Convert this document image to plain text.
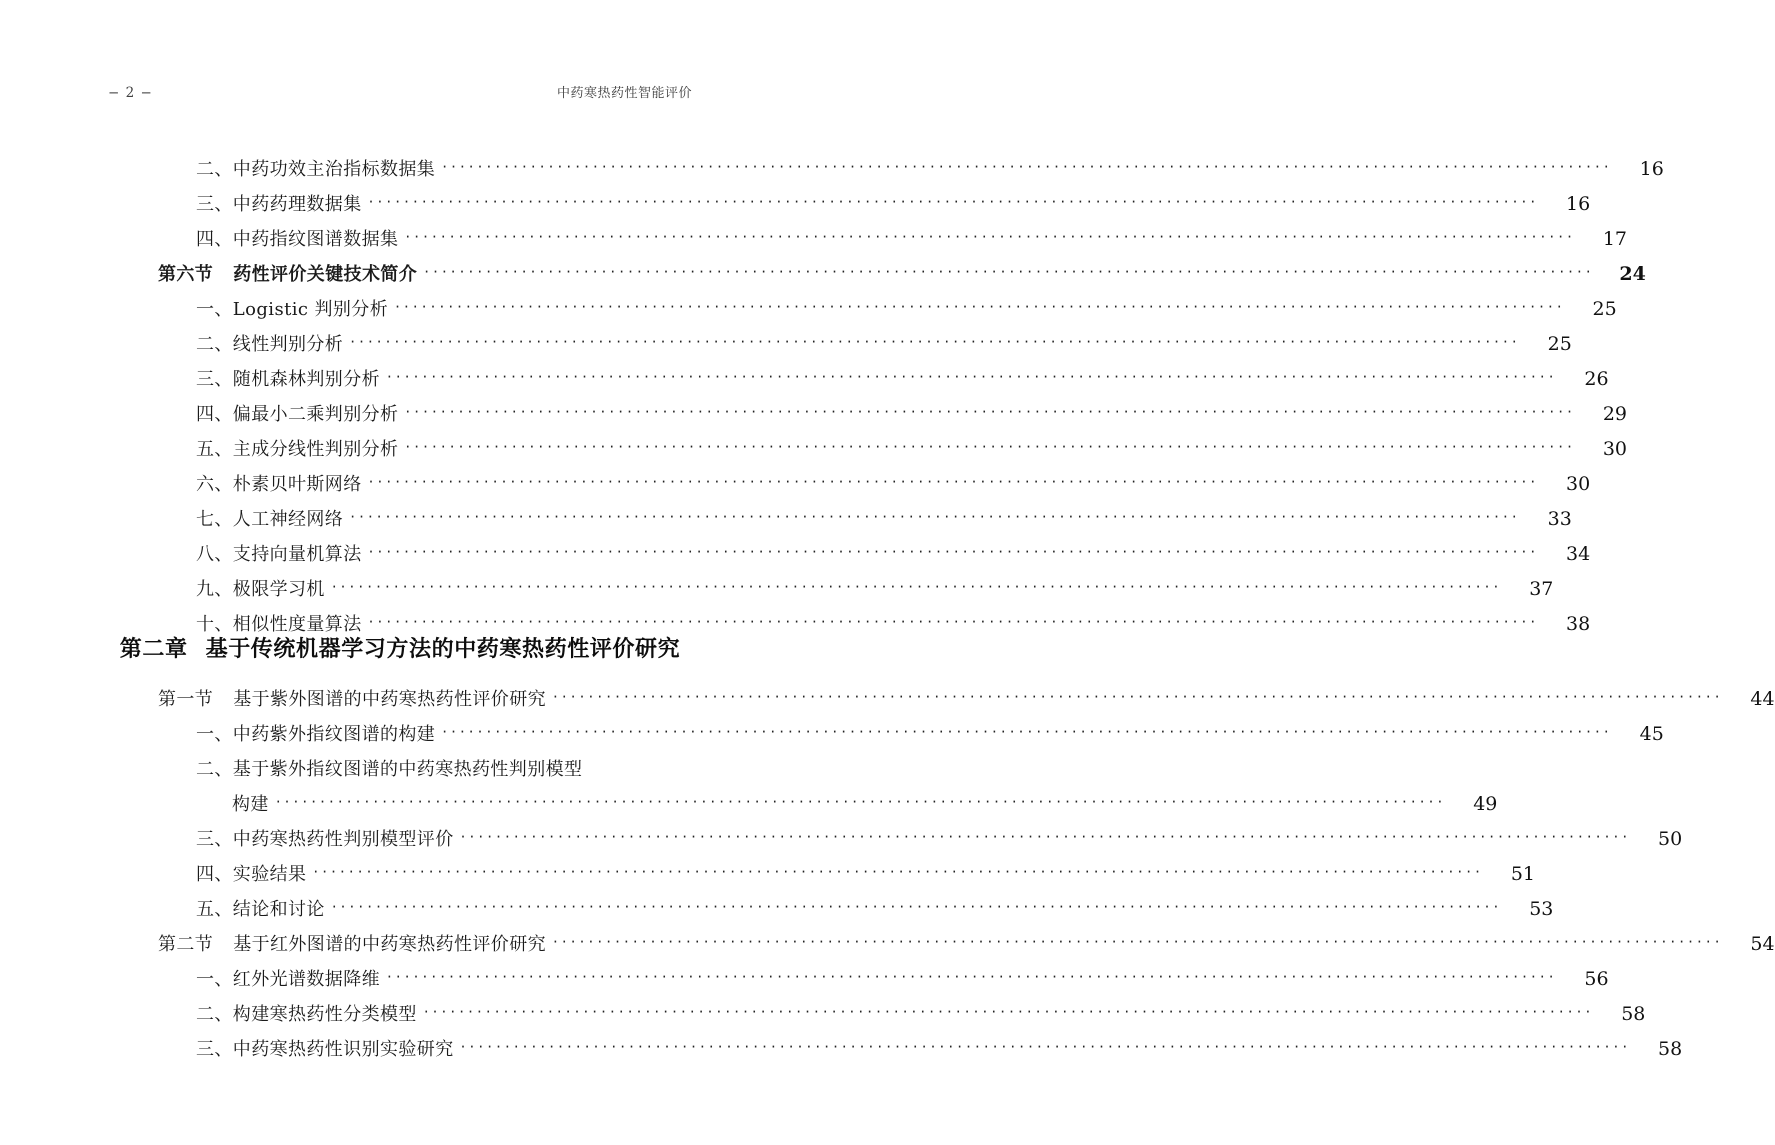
− 2 −	中药寒热药性智能评价
二、中药功效主治指标数据集 ·····	16
三、中药药理数据集 ·····	16
四、中药指纹图谱数据集 ·····	17
第六节 药性评价关键技术简介 ·····	24
一、Logistic 判别分析 ·····	25
二、线性判别分析 ·····	25
三、随机森林判别分析 ·····	26
四、偏最小二乘判别分析 ·····	29
五、主成分线性判别分析 ·····	30
六、朴素贝叶斯网络 ·····	30
七、人工神经网络 ·····	33
八、支持向量机算法 ·····	34
九、极限学习机 ·····	37
十、相似性度量算法 ·····	38
第二章 基于传统机器学习方法的中药寒热药性评价研究
第一节 基于紫外图谱的中药寒热药性评价研究 ·····	44
一、中药紫外指纹图谱的构建 ·····	45
二、基于紫外指纹图谱的中药寒热药性判别模型
构建 ·····	49
三、中药寒热药性判别模型评价 ·····	50
四、实验结果 ·····	51
五、结论和讨论 ·····	53
第二节 基于红外图谱的中药寒热药性评价研究 ·····	54
一、红外光谱数据降维 ·····	56
二、构建寒热药性分类模型 ·····	58
三、中药寒热药性识别实验研究 ·····	58
